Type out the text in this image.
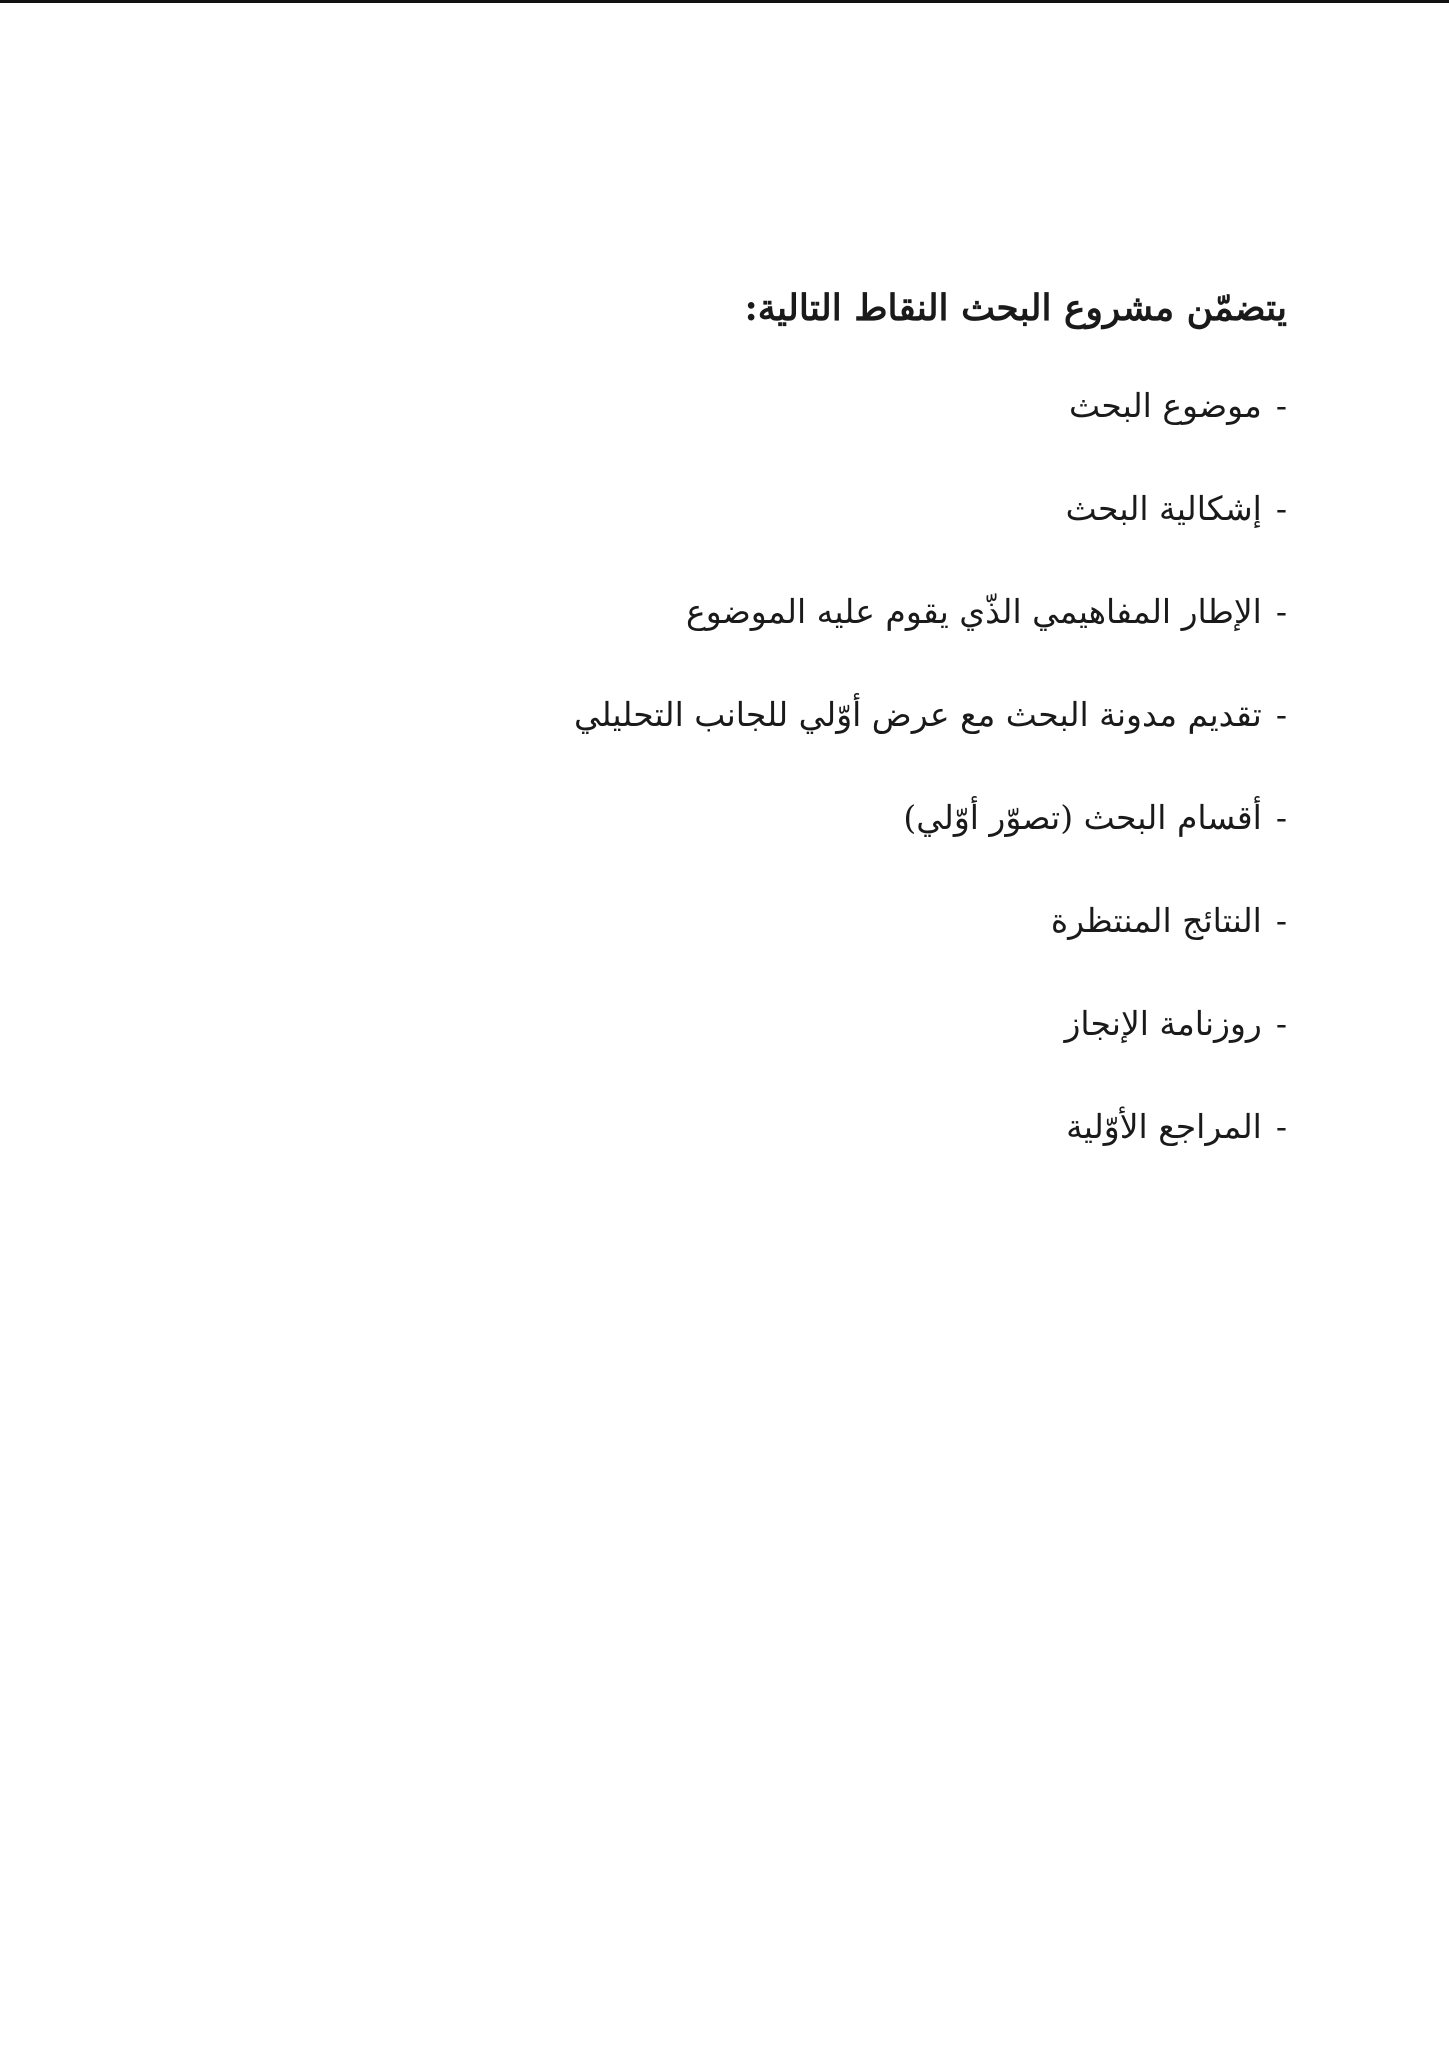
يتضمّن مشروع البحث النقاط التالية:
-موضوع البحث
-إشكالية البحث
-الإطار المفاهيمي الذّي يقوم عليه الموضوع
-تقديم مدونة البحث مع عرض أوّلي للجانب التحليلي
-أقسام البحث (تصوّر أوّلي)
-النتائج المنتظرة
-روزنامة الإنجاز
-المراجع الأوّلية
